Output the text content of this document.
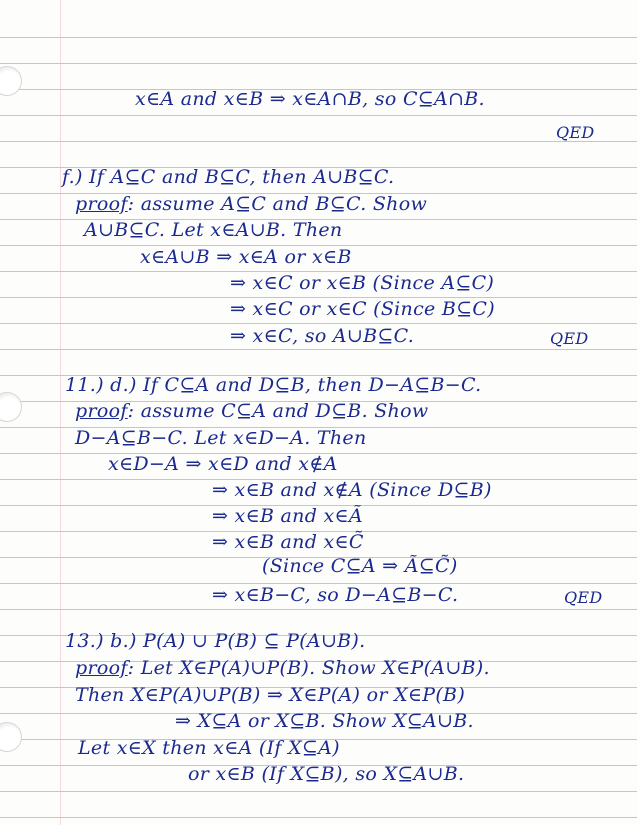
x∈A and x∈B ⇒ x∈A∩B, so C⊆A∩B.

QED

f.) If A⊆C and B⊆C, then A∪B⊆C.

proof: assume A⊆C and B⊆C. Show

A∪B⊆C. Let x∈A∪B. Then

x∈A∪B ⇒ x∈A or x∈B

⇒ x∈C or x∈B (Since A⊆C)

⇒ x∈C or x∈C (Since B⊆C)

⇒ x∈C, so A∪B⊆C.	QED

11.) d.) If C⊆A and D⊆B, then D−A⊆B−C.

proof: assume C⊆A and D⊆B. Show

D−A⊆B−C. Let x∈D−A. Then

x∈D−A ⇒ x∈D and x∉A

⇒ x∈B and x∉A (Since D⊆B)

⇒ x∈B and x∈Ã

⇒ x∈B and x∈C̃

(Since C⊆A ⇒ Ã⊆C̃)

⇒ x∈B−C, so D−A⊆B−C.	QED

13.) b.) P(A) ∪ P(B) ⊆ P(A∪B).

proof: Let X∈P(A)∪P(B). Show X∈P(A∪B).

Then X∈P(A)∪P(B) ⇒ X∈P(A) or X∈P(B)

⇒ X⊆A or X⊆B. Show X⊆A∪B.

Let x∈X then x∈A (If X⊆A)

or x∈B (If X⊆B), so X⊆A∪B.
